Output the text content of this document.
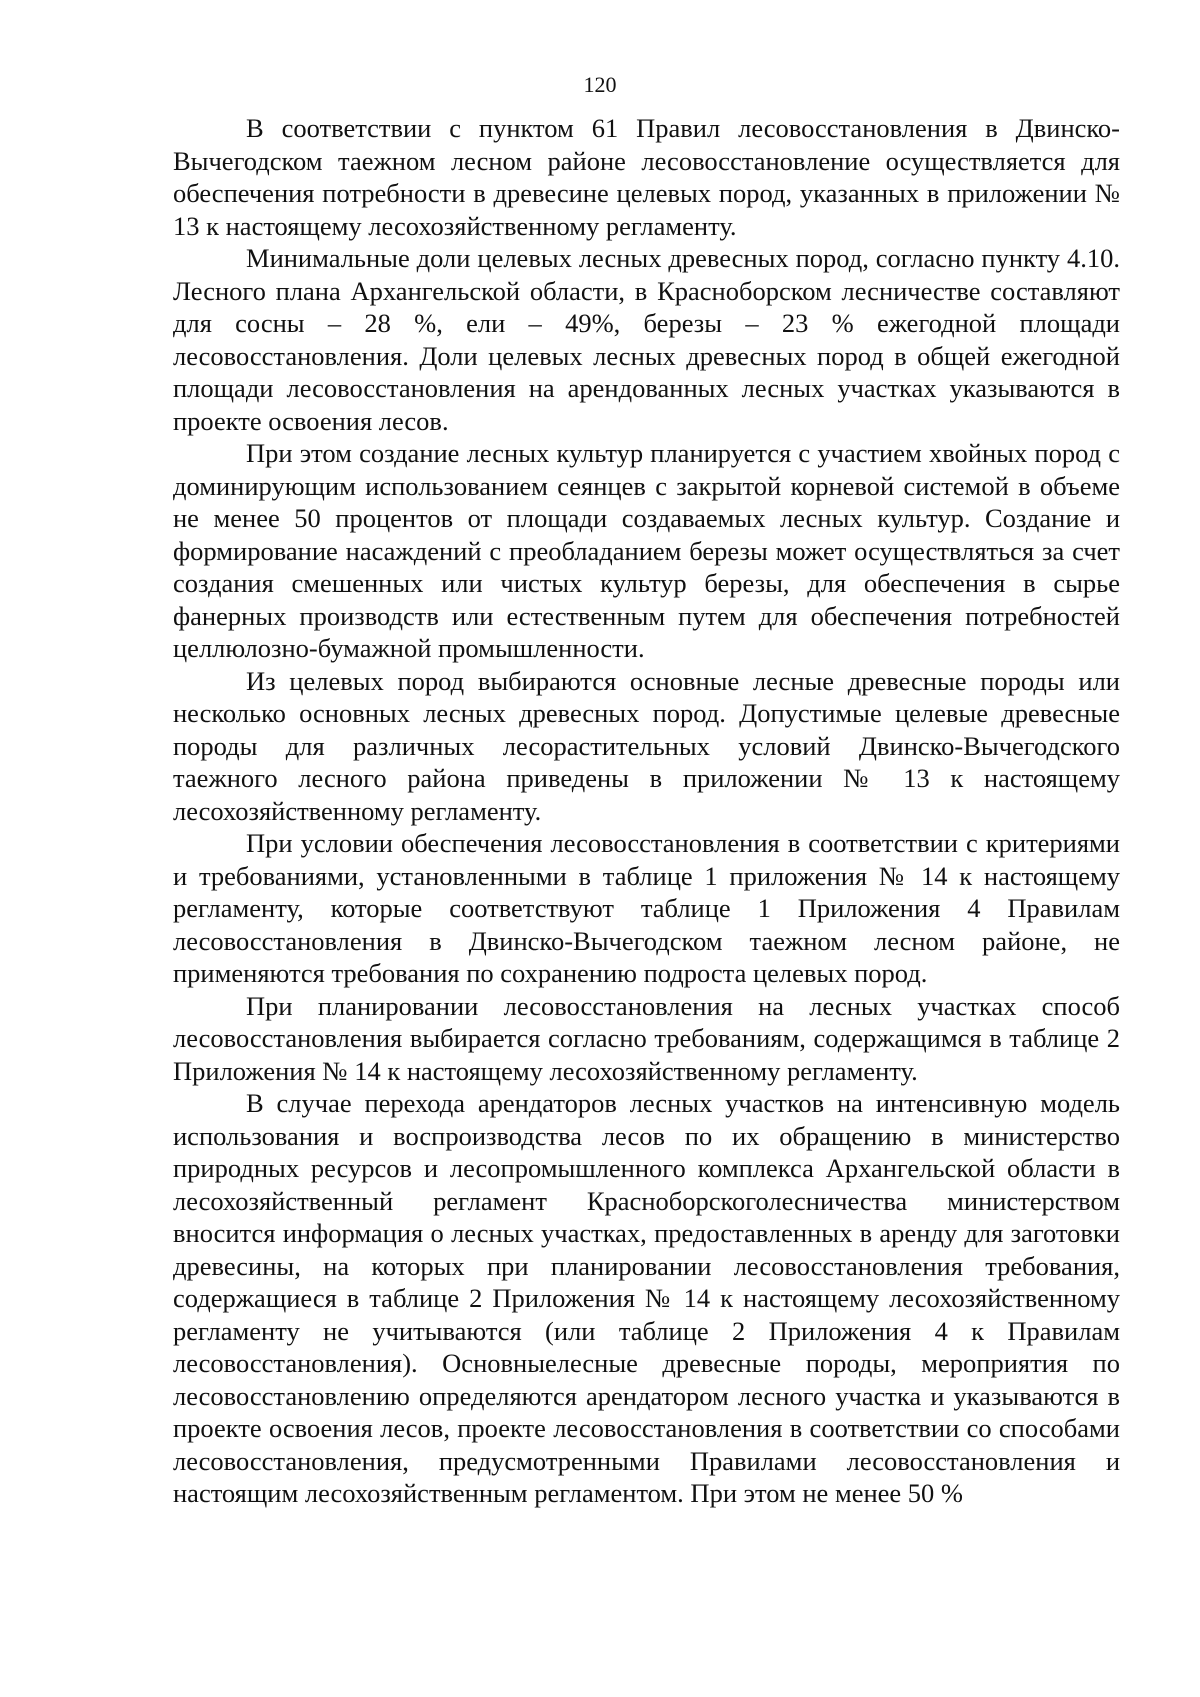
120

В соответствии с пунктом 61 Правил лесовосстановления в Двинско-Вычегодском таежном лесном районе лесовосстановление осуществляется для обеспечения потребности в древесине целевых пород, указанных в приложении № 13 к настоящему лесохозяйственному регламенту.

Минимальные доли целевых лесных древесных пород, согласно пункту 4.10. Лесного плана Архангельской области, в Красноборском лесничестве составляют для сосны – 28 %, ели – 49%, березы – 23 % ежегодной площади лесовосстановления. Доли целевых лесных древесных пород в общей ежегодной площади лесовосстановления на арендованных лесных участках указываются в проекте освоения лесов.

При этом создание лесных культур планируется с участием хвойных пород с доминирующим использованием сеянцев с закрытой корневой системой в объеме не менее 50 процентов от площади создаваемых лесных культур. Создание и формирование насаждений с преобладанием березы может осуществляться за счет создания смешенных или чистых культур березы, для обеспечения в сырье фанерных производств или естественным путем для обеспечения потребностей целлюлозно-бумажной промышленности.

Из целевых пород выбираются основные лесные древесные породы или несколько основных лесных древесных пород. Допустимые целевые древесные породы для различных лесорастительных условий Двинско-Вычегодского таежного лесного района приведены в приложении № 13 к настоящему лесохозяйственному регламенту.

При условии обеспечения лесовосстановления в соответствии с критериями и требованиями, установленными в таблице 1 приложения № 14 к настоящему регламенту, которые соответствуют таблице 1 Приложения 4 Правилам лесовосстановления в Двинско-Вычегодском таежном лесном районе, не применяются требования по сохранению подроста целевых пород.

При планировании лесовосстановления на лесных участках способ лесовосстановления выбирается согласно требованиям, содержащимся в таблице 2 Приложения № 14 к настоящему лесохозяйственному регламенту.

В случае перехода арендаторов лесных участков на интенсивную модель использования и воспроизводства лесов по их обращению в министерство природных ресурсов и лесопромышленного комплекса Архангельской области в лесохозяйственный регламент Красноборскоголесничества министерством вносится информация о лесных участках, предоставленных в аренду для заготовки древесины, на которых при планировании лесовосстановления требования, содержащиеся в таблице 2 Приложения № 14 к настоящему лесохозяйственному регламенту не учитываются (или таблице 2 Приложения 4 к Правилам лесовосстановления). Основныелесные древесные породы, мероприятия по лесовосстановлению определяются арендатором лесного участка и указываются в проекте освоения лесов, проекте лесовосстановления в соответствии со способами лесовосстановления, предусмотренными Правилами лесовосстановления и настоящим лесохозяйственным регламентом. При этом не менее 50 %
